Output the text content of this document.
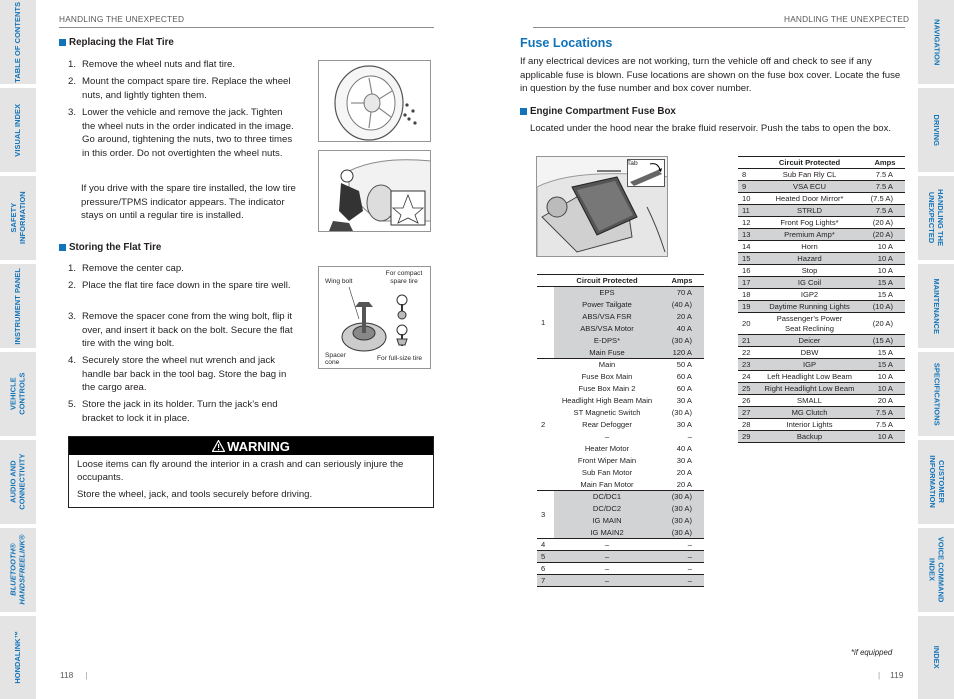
TABLE OF CONTENTS
VISUAL INDEX
SAFETY
INFORMATION
INSTRUMENT PANEL
VEHICLE
CONTROLS
AUDIO AND
CONNECTIVITY
BLUETOOTH®
HANDSFREELINK®
HONDALINK™
NAVIGATION
DRIVING
HANDLING THE
UNEXPECTED
MAINTENANCE
SPECIFICATIONS
CUSTOMER
INFORMATION
VOICE COMMAND
INDEX
INDEX
HANDLING THE UNEXPECTED
Replacing the Flat Tire
1. Remove the wheel nuts and flat tire.
2. Mount the compact spare tire. Replace the wheel nuts, and lightly tighten them.
3. Lower the vehicle and remove the jack. Tighten the wheel nuts in the order indicated in the image. Go around, tightening the nuts, two to three times in this order. Do not overtighten the wheel nuts.
If you drive with the spare tire installed, the low tire pressure/TPMS indicator appears. The indicator stays on until a regular tire is installed.
Storing the Flat Tire
1. Remove the center cap.
2. Place the flat tire face down in the spare tire well.
3. Remove the spacer cone from the wing bolt, flip it over, and insert it back on the bolt. Secure the flat tire with the wing bolt.
4. Securely store the wheel nut wrench and jack handle bar back in the tool bag. Store the bag in the cargo area.
5. Store the jack in its holder. Turn the jack’s end bracket to lock it in place.
Wing bolt
For compact
spare tire
Spacer
cone
For full-size tire
WARNING

Loose items can fly around the interior in a crash and can seriously injure the occupants.

Store the wheel, jack, and tools securely before driving.

118 |
HANDLING THE UNEXPECTED
Fuse Locations
If any electrical devices are not working, turn the vehicle off and check to see if any applicable fuse is blown. Fuse locations are shown on the fuse box cover. Locate the fuse in question by the fuse number and box cover number.
Engine Compartment Fuse Box
Located under the hood near the brake fluid reservoir. Push the tabs to open the box.
Tab
	Circuit Protected	Amps
1	EPS	70 A
	Power Tailgate	(40 A)
	ABS/VSA FSR	20 A
	ABS/VSA Motor	40 A
	E-DPS*	(30 A)
	Main Fuse	120 A
2	Main	50 A
	Fuse Box Main	60 A
	Fuse Box Main 2	60 A
	Headlight High Beam Main	30 A
	ST Magnetic Switch	(30 A)
	Rear Defogger	30 A
	–	–
	Heater Motor	40 A
	Front Wiper Main	30 A
	Sub Fan Motor	20 A
	Main Fan Motor	20 A
3	DC/DC1	(30 A)
	DC/DC2	(30 A)
	IG MAIN	(30 A)
	IG MAIN2	(30 A)
4	–	–
5	–	–
6	–	–
7	–	–
	Circuit Protected	Amps
8	Sub Fan Rly CL	7.5 A
9	VSA ECU	7.5 A
10	Heated Door Mirror*	(7.5 A)
11	STRLD	7.5 A
12	Front Fog Lights*	(20 A)
13	Premium Amp*	(20 A)
14	Horn	10 A
15	Hazard	10 A
16	Stop	10 A
17	IG Coil	15 A
18	IGP2	15 A
19	Daytime Running Lights	(10 A)
20	Passenger’s Power Seat Reclining	(20 A)
21	Deicer	(15 A)
22	DBW	15 A
23	IGP	15 A
24	Left Headlight Low Beam	10 A
25	Right Headlight Low Beam	10 A
26	SMALL	20 A
27	MG Clutch	7.5 A
28	Interior Lights	7.5 A
29	Backup	10 A
*if equipped
| 119
